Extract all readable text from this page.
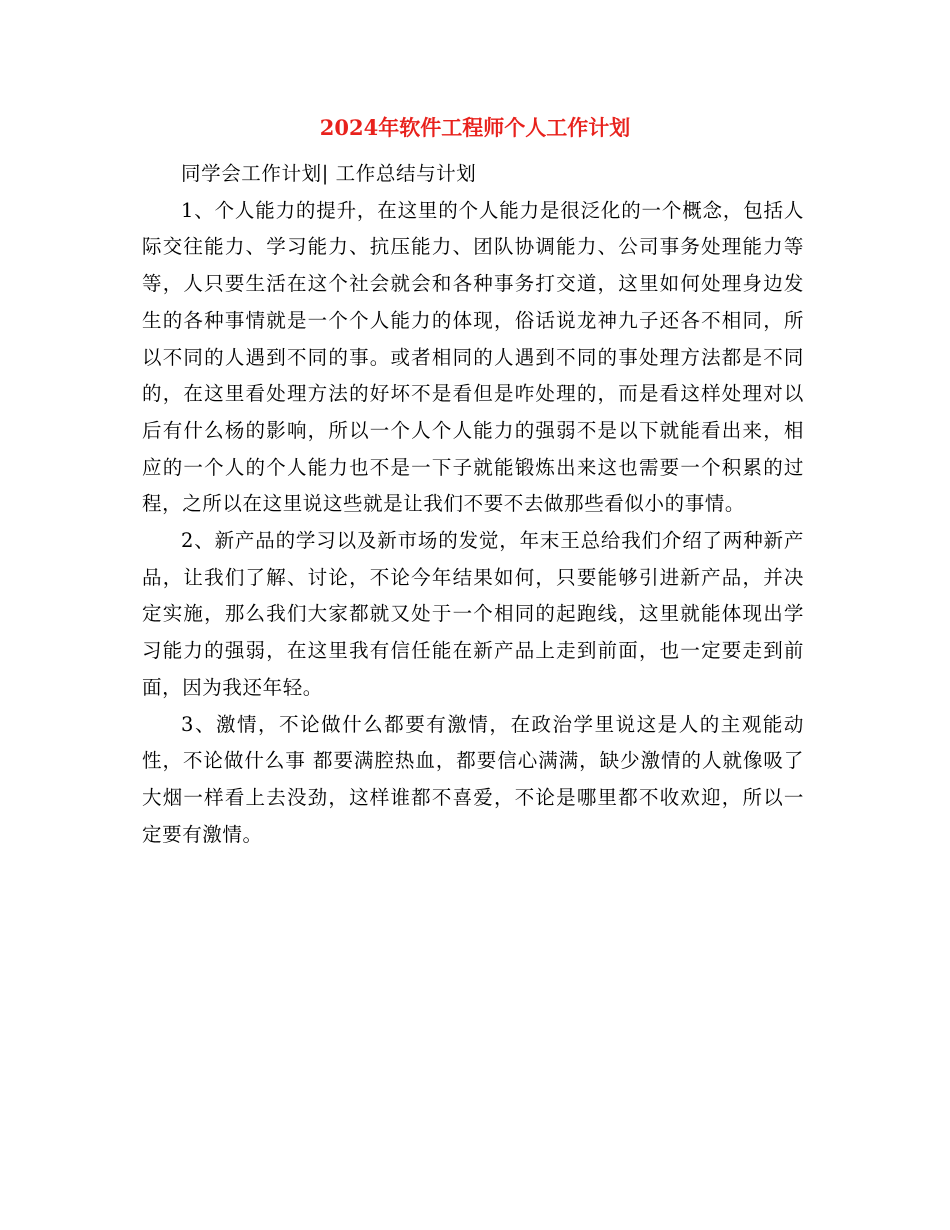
2024年软件工程师个人工作计划

同学会工作计划| 工作总结与计划

1、个人能力的提升，在这里的个人能力是很泛化的一个概念，包括人际交往能力、学习能力、抗压能力、团队协调能力、公司事务处理能力等等，人只要生活在这个社会就会和各种事务打交道，这里如何处理身边发生的各种事情就是一个个人能力的体现，俗话说龙神九子还各不相同，所以不同的人遇到不同的事。或者相同的人遇到不同的事处理方法都是不同的，在这里看处理方法的好坏不是看但是咋处理的，而是看这样处理对以后有什么杨的影响，所以一个人个人能力的强弱不是以下就能看出来，相应的一个人的个人能力也不是一下子就能锻炼出来这也需要一个积累的过程，之所以在这里说这些就是让我们不要不去做那些看似小的事情。

2、新产品的学习以及新市场的发觉，年末王总给我们介绍了两种新产品，让我们了解、讨论，不论今年结果如何，只要能够引进新产品，并决定实施，那么我们大家都就又处于一个相同的起跑线，这里就能体现出学习能力的强弱，在这里我有信任能在新产品上走到前面，也一定要走到前面，因为我还年轻。

3、激情，不论做什么都要有激情，在政治学里说这是人的主观能动性，不论做什么事 都要满腔热血，都要信心满满，缺少激情的人就像吸了大烟一样看上去没劲，这样谁都不喜爱，不论是哪里都不收欢迎，所以一定要有激情。
